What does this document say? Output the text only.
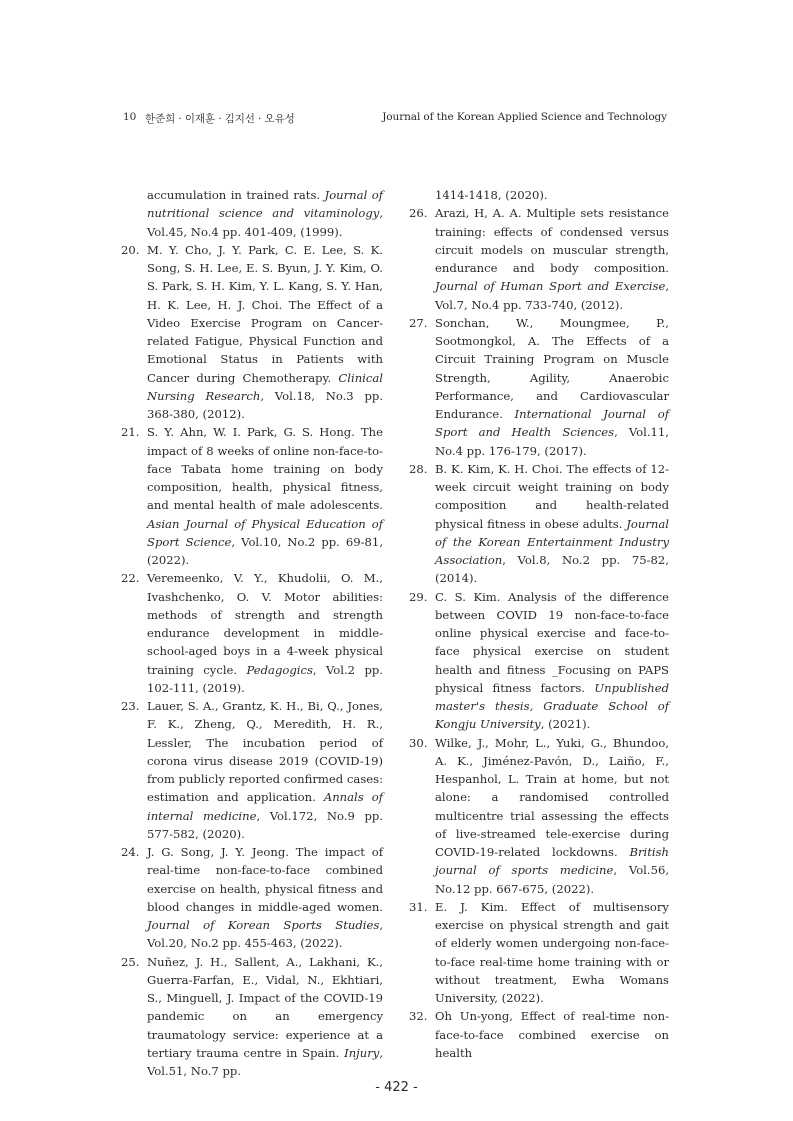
10 한준희 · 이재훈 · 김지선 · 오유성	Journal of the Korean Applied Science and Technology
accumulation in trained rats. Journal of nutritional science and vitaminology, Vol.45, No.4 pp. 401-409, (1999).
20. M. Y. Cho, J. Y. Park, C. E. Lee, S. K. Song, S. H. Lee, E. S. Byun, J. Y. Kim, O. S. Park, S. H. Kim, Y. L. Kang, S. Y. Han, H. K. Lee, H. J. Choi. The Effect of a Video Exercise Program on Cancer-related Fatigue, Physical Function and Emotional Status in Patients with Cancer during Chemotherapy. Clinical Nursing Research, Vol.18, No.3 pp. 368-380, (2012).
21. S. Y. Ahn, W. I. Park, G. S. Hong. The impact of 8 weeks of online non-face-to-face Tabata home training on body composition, health, physical fitness, and mental health of male adolescents. Asian Journal of Physical Education of Sport Science, Vol.10, No.2 pp. 69-81, (2022).
22. Veremeenko, V. Y., Khudolii, O. M., Ivashchenko, O. V. Motor abilities: methods of strength and strength endurance development in middle-school-aged boys in a 4-week physical training cycle. Pedagogics, Vol.2 pp. 102-111, (2019).
23. Lauer, S. A., Grantz, K. H., Bi, Q., Jones, F. K., Zheng, Q., Meredith, H. R., Lessler, The incubation period of corona virus disease 2019 (COVID-19) from publicly reported confirmed cases: estimation and application. Annals of internal medicine, Vol.172, No.9 pp. 577-582, (2020).
24. J. G. Song, J. Y. Jeong. The impact of real-time non-face-to-face combined exercise on health, physical fitness and blood changes in middle-aged women. Journal of Korean Sports Studies, Vol.20, No.2 pp. 455-463, (2022).
25. Nuñez, J. H., Sallent, A., Lakhani, K., Guerra-Farfan, E., Vidal, N., Ekhtiari, S., Minguell, J. Impact of the COVID-19 pandemic on an emergency traumatology service: experience at a tertiary trauma centre in Spain. Injury, Vol.51, No.7 pp.
1414-1418, (2020).
26. Arazi, H, A. A. Multiple sets resistance training: effects of condensed versus circuit models on muscular strength, endurance and body composition. Journal of Human Sport and Exercise, Vol.7, No.4 pp. 733-740, (2012).
27. Sonchan, W., Moungmee, P., Sootmongkol, A. The Effects of a Circuit Training Program on Muscle Strength, Agility, Anaerobic Performance, and Cardiovascular Endurance. International Journal of Sport and Health Sciences, Vol.11, No.4 pp. 176-179, (2017).
28. B. K. Kim, K. H. Choi. The effects of 12-week circuit weight training on body composition and health-related physical fitness in obese adults. Journal of the Korean Entertainment Industry Association, Vol.8, No.2 pp. 75-82, (2014).
29. C. S. Kim. Analysis of the difference between COVID 19 non-face-to-face online physical exercise and face-to-face physical exercise on student health and fitness _Focusing on PAPS physical fitness factors. Unpublished master's thesis, Graduate School of Kongju University, (2021).
30. Wilke, J., Mohr, L., Yuki, G., Bhundoo, A. K., Jiménez-Pavón, D., Laiño, F., Hespanhol, L. Train at home, but not alone: a randomised controlled multicentre trial assessing the effects of live-streamed tele-exercise during COVID-19-related lockdowns. British journal of sports medicine, Vol.56, No.12 pp. 667-675, (2022).
31. E. J. Kim. Effect of multisensory exercise on physical strength and gait of elderly women undergoing non-face-to-face real-time home training with or without treatment, Ewha Womans University, (2022).
32. Oh Un-yong, Effect of real-time non-face-to-face combined exercise on health
- 422 -
